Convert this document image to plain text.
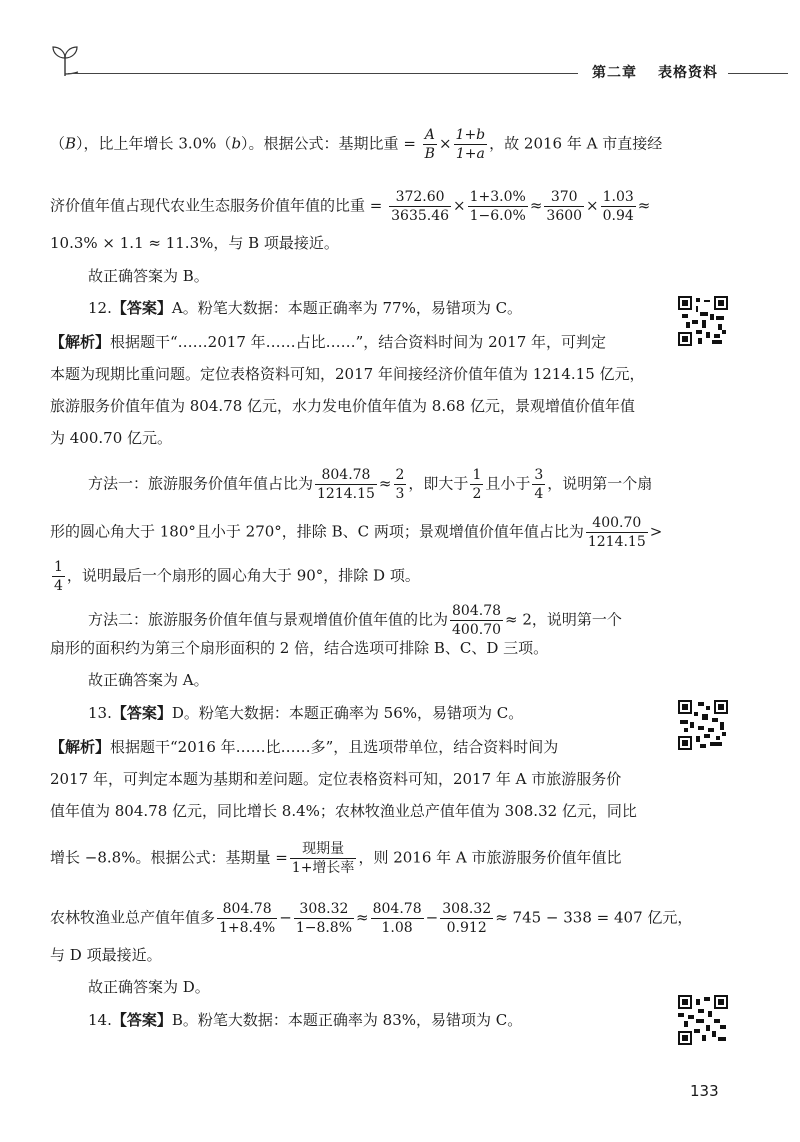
第二章 表格资料
（B），比上年增长 3.0%（b）。根据公式：基期比重 = $\frac{A}{B} \times \frac{1+b}{1+a}$ ，故 2016 年 A 市直接经
济价值年值占现代农业生态服务价值年值的比重 = $\frac{372.60}{3635.46} \times \frac{1+3.0\%}{1-6.0\%} \approx \frac{370}{3600} \times \frac{1.03}{0.94}$ ≈
10.3% × 1.1 ≈ 11.3%，与 B 项最接近。
故正确答案为 B。
12.【答案】A。粉笔大数据：本题正确率为 77%，易错项为 C。
【解析】根据题干“……2017 年……占比……”，结合资料时间为 2017 年，可判定
本题为现期比重问题。定位表格资料可知，2017 年间接经济价值年值为 1214.15 亿元，
旅游服务价值年值为 804.78 亿元，水力发电价值年值为 8.68 亿元，景观增值价值年值
为 400.70 亿元。
方法一：旅游服务价值年值占比为 $\frac{804.78}{1214.15} \approx \frac{2}{3}$ ，即大于 $\frac{1}{2}$ 且小于 $\frac{3}{4}$ ，说明第一个扇
形的圆心角大于 180°且小于 270°，排除 B、C 两项；景观增值价值年值占比为 $\frac{400.70}{1214.15}$ >
$\frac{1}{4}$ ，说明最后一个扇形的圆心角大于 90°，排除 D 项。
方法二：旅游服务价值年值与景观增值价值年值的比为 $\frac{804.78}{400.70} \approx 2$，说明第一个
扇形的面积约为第三个扇形面积的 2 倍，结合选项可排除 B、C、D 三项。
故正确答案为 A。
13.【答案】D。粉笔大数据：本题正确率为 56%，易错项为 C。
【解析】根据题干“2016 年……比……多”，且选项带单位，结合资料时间为
2017 年，可判定本题为基期和差问题。定位表格资料可知，2017 年 A 市旅游服务价
值年值为 804.78 亿元，同比增长 8.4%；农林牧渔业总产值年值为 308.32 亿元，同比
增长 −8.8%。根据公式：基期量 = $\frac{\text{现期量}}{\text{1+增长率}}$ ，则 2016 年 A 市旅游服务价值年值比
农林牧渔业总产值年值多 $\frac{804.78}{1+8.4\%} - \frac{308.32}{1-8.8\%} \approx \frac{804.78}{1.08} - \frac{308.32}{0.912} \approx 745 - 338 = 407$ 亿元，
与 D 项最接近。
故正确答案为 D。
14.【答案】B。粉笔大数据：本题正确率为 83%，易错项为 C。
133
